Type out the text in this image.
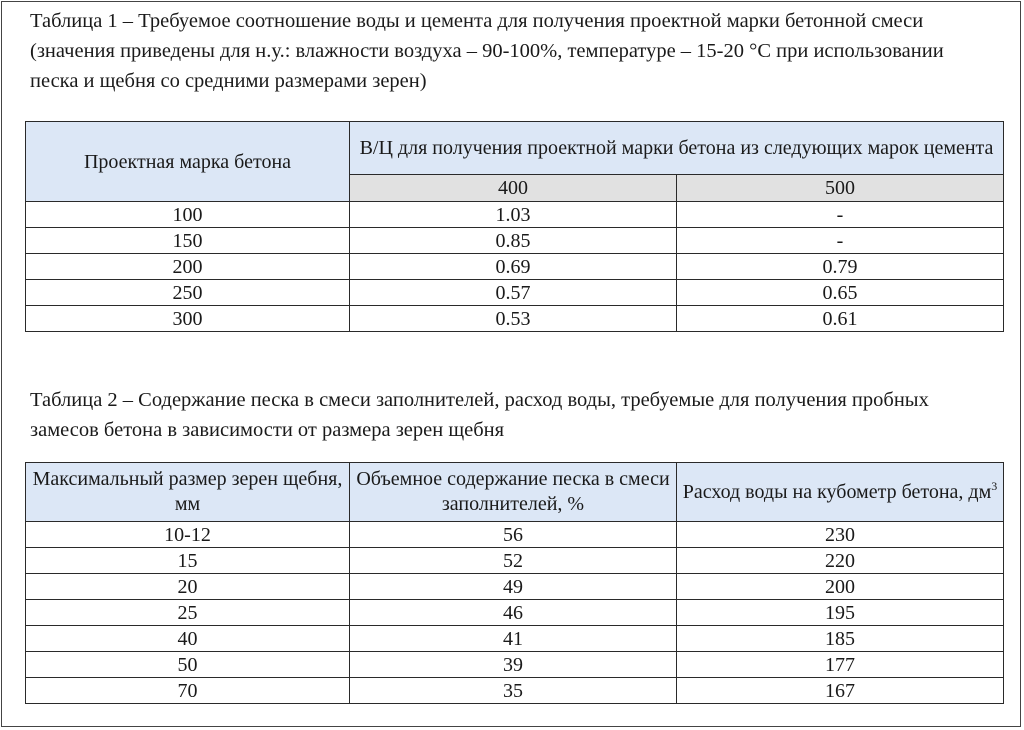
Таблица 1 – Требуемое соотношение воды и цемента для получения проектной марки бетонной смеси (значения приведены для н.у.: влажности воздуха – 90-100%, температуре – 15-20 °С при использовании песка и щебня со средними размерами зерен)

Проектная марка бетона	В/Ц для получения проектной марки бетона из следующих марок цемента	
	400	500
100	1.03	-
150	0.85	-
200	0.69	0.79
250	0.57	0.65
300	0.53	0.61

Таблица 2 – Содержание песка в смеси заполнителей, расход воды, требуемые для получения пробных замесов бетона в зависимости от размера зерен щебня

Максимальный размер зерен щебня, мм	Объемное содержание песка в смеси заполнителей, %	Расход воды на кубометр бетона, $дм^3$
10-12	56	230
15	52	220
20	49	200
25	46	195
40	41	185
50	39	177
70	35	167
